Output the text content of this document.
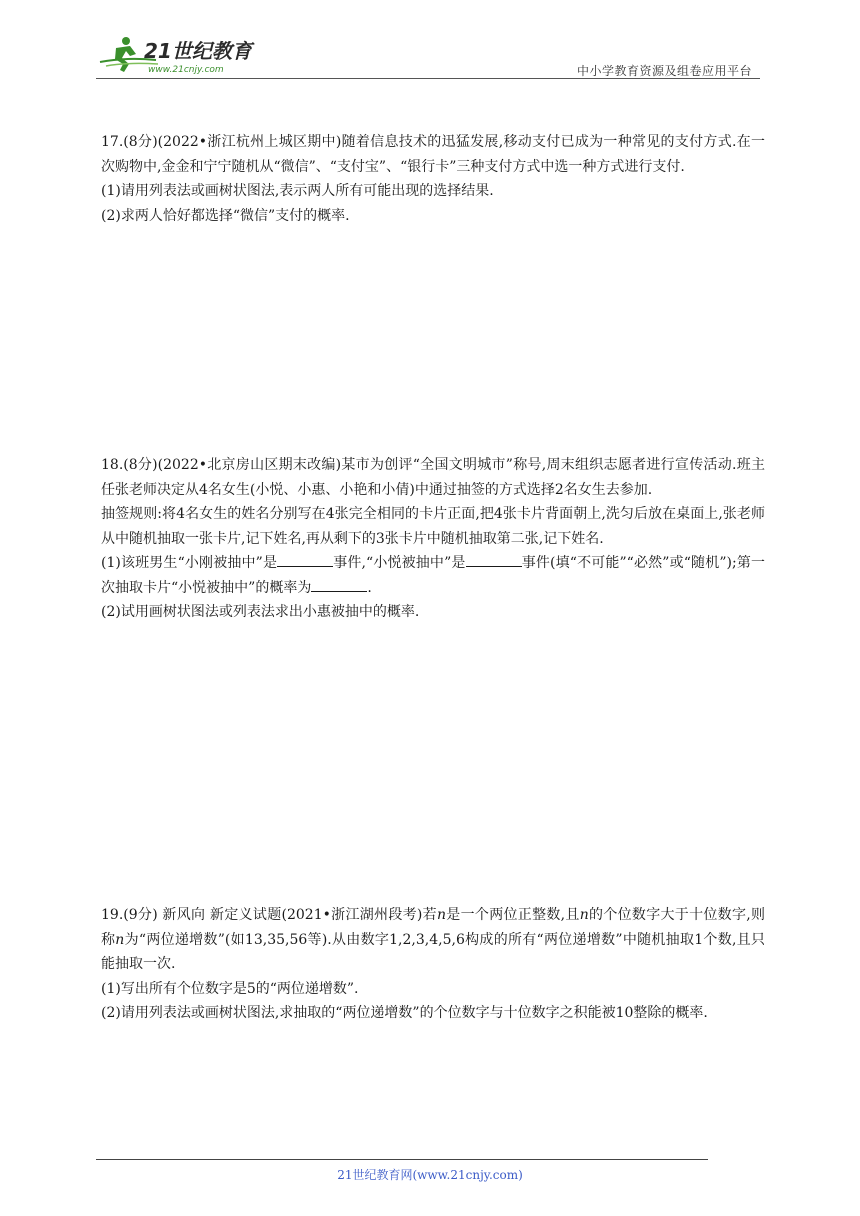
21世纪教育
www.21cnjy.com	中小学教育资源及组卷应用平台

17.(8分)(2022•浙江杭州上城区期中)随着信息技术的迅猛发展,移动支付已成为一种常见的支付方式.在一次购物中,金金和宁宁随机从“微信”、“支付宝”、“银行卡”三种支付方式中选一种方式进行支付.

(1)请用列表法或画树状图法,表示两人所有可能出现的选择结果.

(2)求两人恰好都选择“微信”支付的概率.

18.(8分)(2022•北京房山区期末改编)某市为创评“全国文明城市”称号,周末组织志愿者进行宣传活动.班主任张老师决定从4名女生(小悦、小惠、小艳和小倩)中通过抽签的方式选择2名女生去参加.

抽签规则:将4名女生的姓名分别写在4张完全相同的卡片正面,把4张卡片背面朝上,洗匀后放在桌面上,张老师从中随机抽取一张卡片,记下姓名,再从剩下的3张卡片中随机抽取第二张,记下姓名.

(1)该班男生“小刚被抽中”是	事件,“小悦被抽中”是	事件(填“不可能”“必然”或“随机”);第一次抽取卡片“小悦被抽中”的概率为	.

(2)试用画树状图法或列表法求出小惠被抽中的概率.

19.(9分) 新风向 新定义试题(2021•浙江湖州段考)若n是一个两位正整数,且n的个位数字大于十位数字,则称n为“两位递增数”(如13,35,56等).从由数字1,2,3,4,5,6构成的所有“两位递增数”中随机抽取1个数,且只能抽取一次.

(1)写出所有个位数字是5的“两位递增数”.

(2)请用列表法或画树状图法,求抽取的“两位递增数”的个位数字与十位数字之积能被10整除的概率.

21世纪教育网(www.21cnjy.com)
